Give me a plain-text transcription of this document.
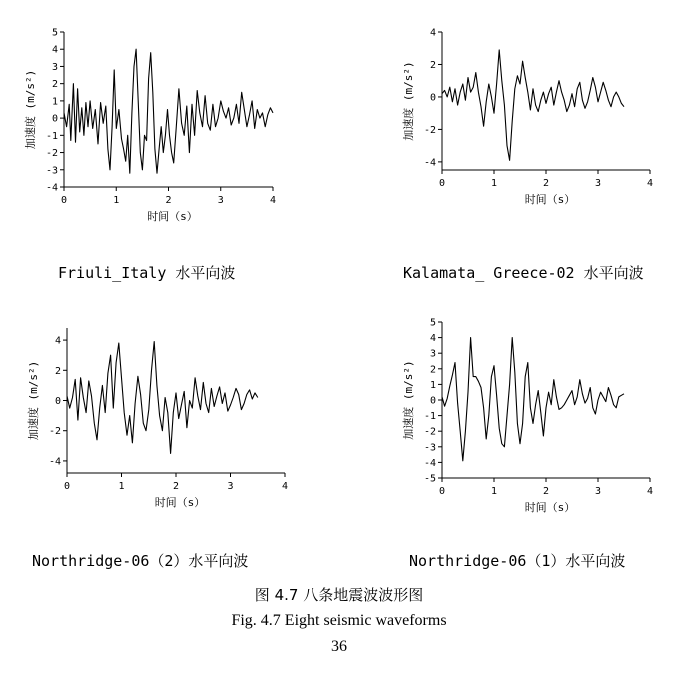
0	1	2	3	4
-4
-3
-2
-1
0
1
2
3
4
5
时间（s）
加速度 (m/s²)
Friuli_Italy 水平向波
0	1	2	3	4
-4
-2
0
2
4
时间（s）
加速度 (m/s²)
Kalamata_ Greece-02 水平向波
0	1	2	3	4
-4
-2
0
2
4
时间（s）
加速度 (m/s²)
Northridge-06（2）水平向波
0	1	2	3	4
-5
-4
-3
-2
-1
0
1
2
3
4
5
时间（s）
加速度 (m/s²)
Northridge-06（1）水平向波
图 4.7 八条地震波波形图
Fig. 4.7 Eight seismic waveforms
36
